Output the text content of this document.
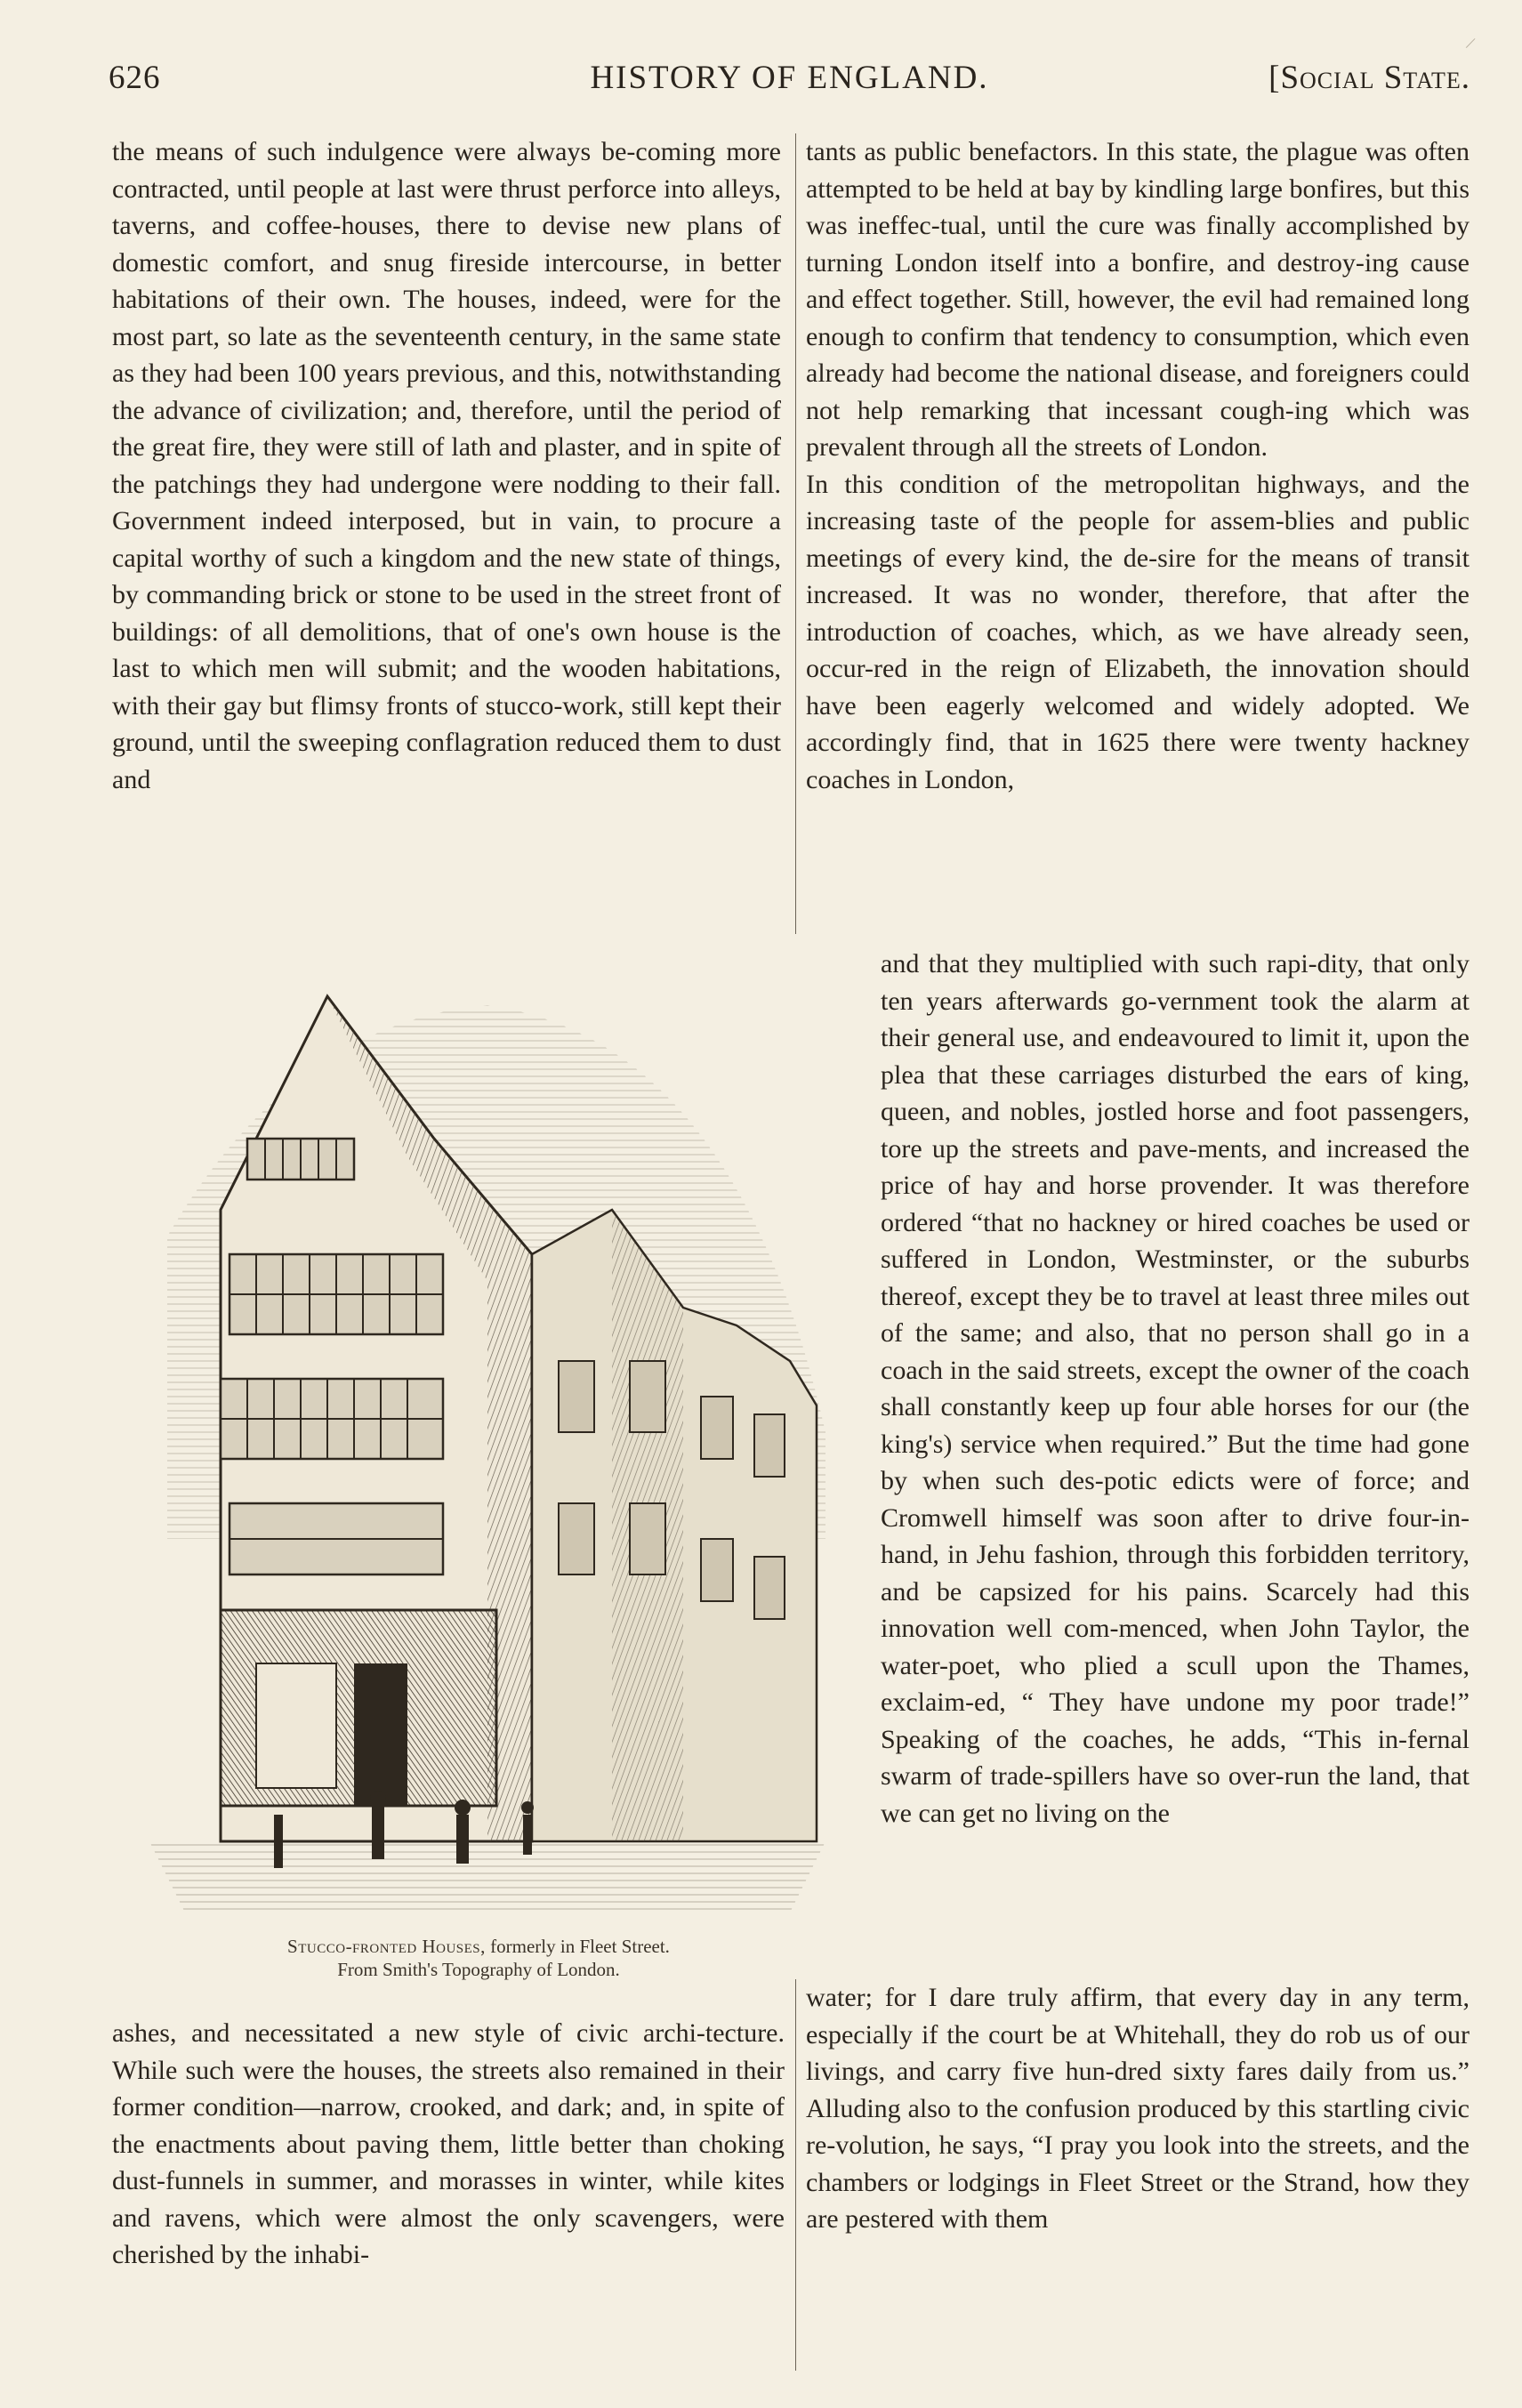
/
626	HISTORY OF ENGLAND.	[Social State.

the means of such indulgence were always be-coming more contracted, until people at last were thrust perforce into alleys, taverns, and coffee-houses, there to devise new plans of domestic comfort, and snug fireside intercourse, in better habitations of their own. The houses, indeed, were for the most part, so late as the seventeenth century, in the same state as they had been 100 years previous, and this, notwithstanding the advance of civilization; and, therefore, until the period of the great fire, they were still of lath and plaster, and in spite of the patchings they had undergone were nodding to their fall. Government indeed interposed, but in vain, to procure a capital worthy of such a kingdom and the new state of things, by commanding brick or stone to be used in the street front of buildings: of all demolitions, that of one's own house is the last to which men will submit; and the wooden habitations, with their gay but flimsy fronts of stucco-work, still kept their ground, until the sweeping conflagration reduced them to dust and

Stucco-fronted Houses, formerly in Fleet Street.
From Smith's Topography of London.

ashes, and necessitated a new style of civic archi-tecture. While such were the houses, the streets also remained in their former condition—narrow, crooked, and dark; and, in spite of the enactments about paving them, little better than choking dust-funnels in summer, and morasses in winter, while kites and ravens, which were almost the only scavengers, were cherished by the inhabi-

tants as public benefactors. In this state, the plague was often attempted to be held at bay by kindling large bonfires, but this was ineffec-tual, until the cure was finally accomplished by turning London itself into a bonfire, and destroy-ing cause and effect together. Still, however, the evil had remained long enough to confirm that tendency to consumption, which even already had become the national disease, and foreigners could not help remarking that incessant cough-ing which was prevalent through all the streets of London.

In this condition of the metropolitan highways, and the increasing taste of the people for assem-blies and public meetings of every kind, the de-sire for the means of transit increased. It was no wonder, therefore, that after the introduction of coaches, which, as we have already seen, occur-red in the reign of Elizabeth, the innovation should have been eagerly welcomed and widely adopted. We accordingly find, that in 1625 there were twenty hackney coaches in London,

and that they multiplied with such rapi-dity, that only ten years afterwards go-vernment took the alarm at their general use, and endeavoured to limit it, upon the plea that these carriages disturbed the ears of king, queen, and nobles, jostled horse and foot passengers, tore up the streets and pave-ments, and increased the price of hay and horse provender. It was therefore ordered “that no hackney or hired coaches be used or suffered in London, Westminster, or the suburbs thereof, except they be to travel at least three miles out of the same; and also, that no person shall go in a coach in the said streets, except the owner of the coach shall constantly keep up four able horses for our (the king's) service when required.” But the time had gone by when such des-potic edicts were of force; and Cromwell himself was soon after to drive four-in-hand, in Jehu fashion, through this forbidden territory, and be capsized for his pains. Scarcely had this innovation well com-menced, when John Taylor, the water-poet, who plied a scull upon the Thames, exclaim-ed, “ They have undone my poor trade!” Speaking of the coaches, he adds, “This in-fernal swarm of trade-spillers have so over-run the land, that we can get no living on the

water; for I dare truly affirm, that every day in any term, especially if the court be at Whitehall, they do rob us of our livings, and carry five hun-dred sixty fares daily from us.” Alluding also to the confusion produced by this startling civic re-volution, he says, “I pray you look into the streets, and the chambers or lodgings in Fleet Street or the Strand, how they are pestered with them
